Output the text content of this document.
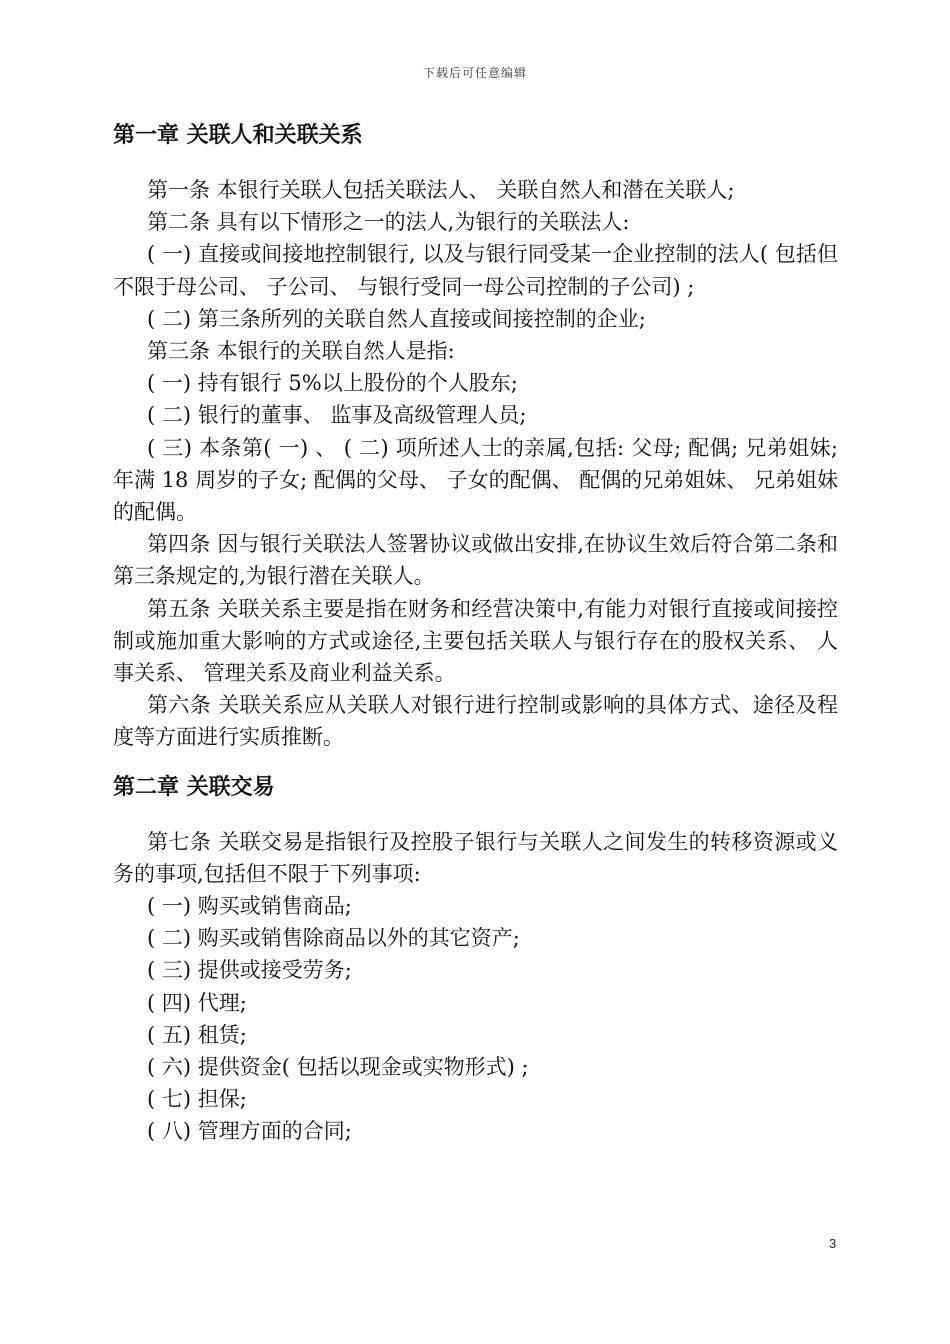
下载后可任意编辑
第一章 关联人和关联关系

第一条 本银行关联人包括关联法人、 关联自然人和潜在关联人;

第二条 具有以下情形之一的法人,为银行的关联法人:

( 一) 直接或间接地控制银行, 以及与银行同受某一企业控制的法人( 包括但不限于母公司、 子公司、 与银行受同一母公司控制的子公司) ;

( 二) 第三条所列的关联自然人直接或间接控制的企业;

第三条 本银行的关联自然人是指:

( 一) 持有银行 5%以上股份的个人股东;

( 二) 银行的董事、 监事及高级管理人员;

( 三) 本条第( 一) 、 ( 二) 项所述人士的亲属,包括: 父母; 配偶; 兄弟姐妹; 年满 18 周岁的子女; 配偶的父母、 子女的配偶、 配偶的兄弟姐妹、 兄弟姐妹的配偶。

第四条 因与银行关联法人签署协议或做出安排,在协议生效后符合第二条和第三条规定的,为银行潜在关联人。

第五条 关联关系主要是指在财务和经营决策中,有能力对银行直接或间接控制或施加重大影响的方式或途径,主要包括关联人与银行存在的股权关系、 人事关系、 管理关系及商业利益关系。

第六条 关联关系应从关联人对银行进行控制或影响的具体方式、途径及程度等方面进行实质推断。

第二章 关联交易

第七条 关联交易是指银行及控股子银行与关联人之间发生的转移资源或义务的事项,包括但不限于下列事项:

( 一) 购买或销售商品;

( 二) 购买或销售除商品以外的其它资产;

( 三) 提供或接受劳务;

( 四) 代理;

( 五) 租赁;

( 六) 提供资金( 包括以现金或实物形式) ;

( 七) 担保;

( 八) 管理方面的合同;

3
